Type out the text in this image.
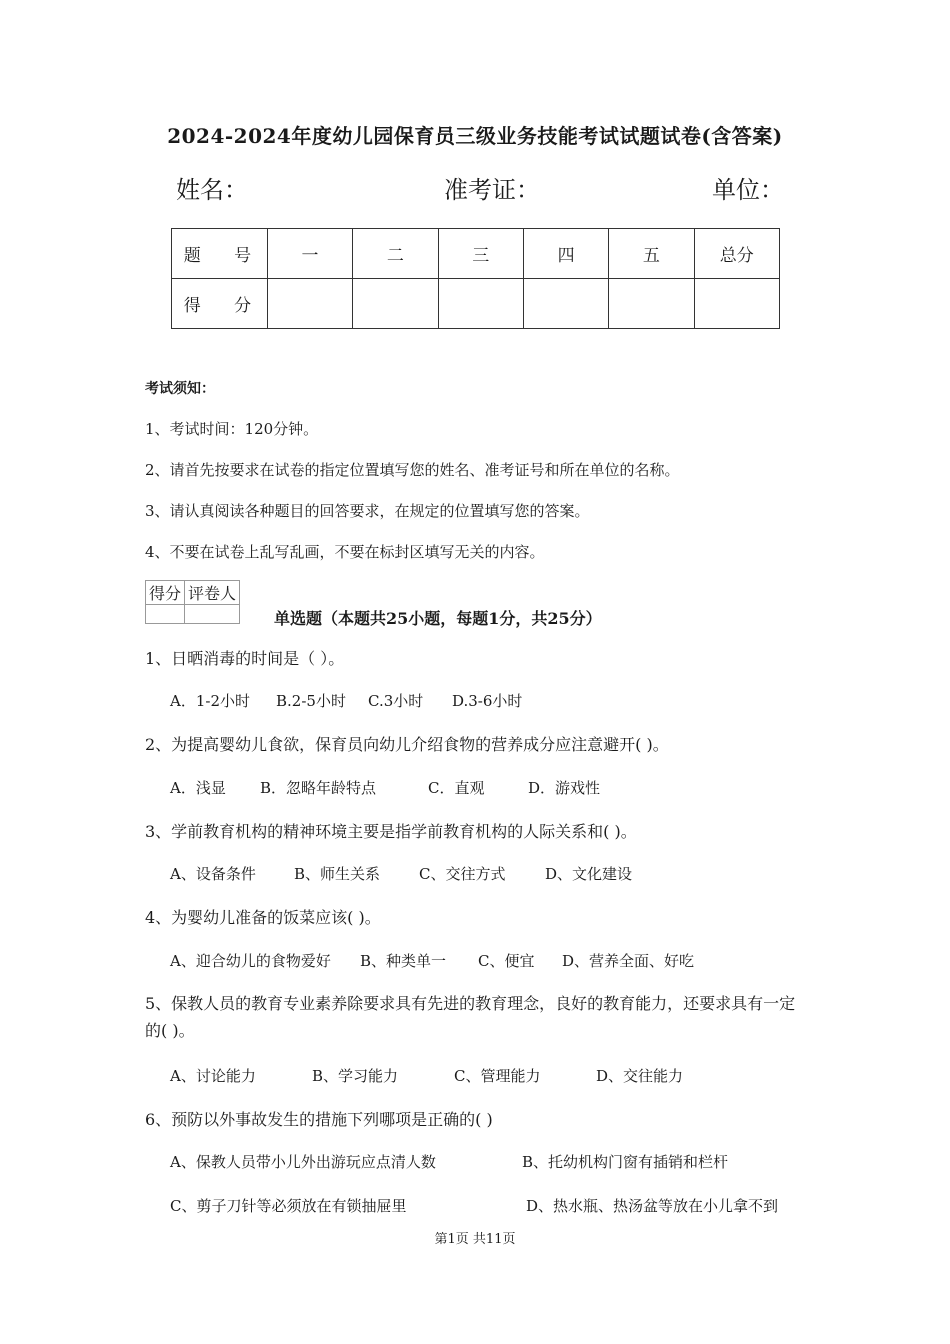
2024-2024年度幼儿园保育员三级业务技能考试试题试卷(含答案)
姓名：	准考证：	单位：
题 号	一	二	三	四	五	总分
得 分						
考试须知：
1、考试时间：120分钟。
2、请首先按要求在试卷的指定位置填写您的姓名、准考证号和所在单位的名称。
3、请认真阅读各种题目的回答要求，在规定的位置填写您的答案。
4、不要在试卷上乱写乱画，不要在标封区填写无关的内容。
得分	评卷人

单选题（本题共25小题，每题1分，共25分）
1、日晒消毒的时间是（ ）。
A．1-2小时 B.2-5小时 C.3小时 D.3-6小时
2、为提高婴幼儿食欲，保育员向幼儿介绍食物的营养成分应注意避开( )。
A．浅显 B．忽略年龄特点	C．直观	D．游戏性
3、学前教育机构的精神环境主要是指学前教育机构的人际关系和( )。
A、设备条件	B、师生关系	C、交往方式	D、文化建设
4、为婴幼儿准备的饭菜应该( )。
A、迎合幼儿的食物爱好 B、种类单一 C、便宜 D、营养全面、好吃
5、保教人员的教育专业素养除要求具有先进的教育理念，良好的教育能力，还要求具有一定的( )。
A、讨论能力	B、学习能力	C、管理能力	D、交往能力
6、预防以外事故发生的措施下列哪项是正确的( )
A、保教人员带小儿外出游玩应点清人数	B、托幼机构门窗有插销和栏杆
C、剪子刀针等必须放在有锁抽屉里	D、热水瓶、热汤盆等放在小儿拿不到
第1页 共11页
